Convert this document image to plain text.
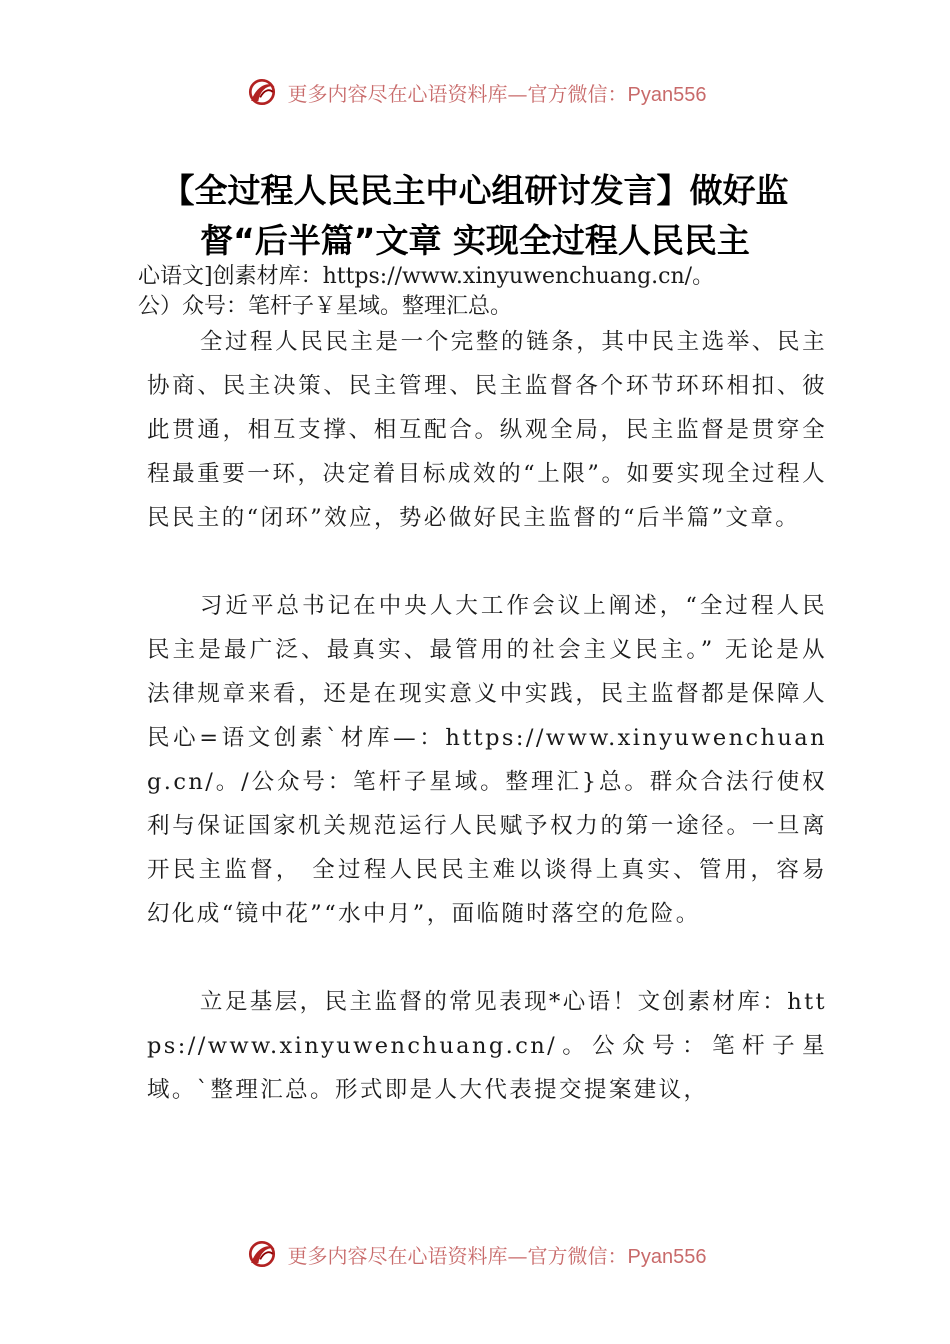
更多内容尽在心语资料库—官方微信：Pyan556
【全过程人民民主中心组研讨发言】做好监督“后半篇”文章 实现全过程人民民主
心语文]创素材库：https://www.xinyuwenchuang.cn/。
公）众号：笔杆子￥星域。整理汇总。

全过程人民民主是一个完整的链条，其中民主选举、民主协商、民主决策、民主管理、民主监督各个环节环环相扣、彼此贯通，相互支撑、相互配合。纵观全局，民主监督是贯穿全程最重要一环，决定着目标成效的“上限”。如要实现全过程人民民主的“闭环”效应，势必做好民主监督的“后半篇”文章。

习近平总书记在中央人大工作会议上阐述，“全过程人民民主是最广泛、最真实、最管用的社会主义民主。” 无论是从法律规章来看，还是在现实意义中实践，民主监督都是保障人民心=语文创素`材库—：https://www.xinyuwenchuang.cn/。/公众号：笔杆子星域。整理汇}总。群众合法行使权利与保证国家机关规范运行人民赋予权力的第一途径。一旦离开民主监督， 全过程人民民主难以谈得上真实、管用，容易幻化成“镜中花”“水中月”，面临随时落空的危险。

立足基层，民主监督的常见表现*心语！文创素材库：https://www.xinyuwenchuang.cn/。公众号：笔杆子星域。`整理汇总。形式即是人大代表提交提案建议，

更多内容尽在心语资料库—官方微信：Pyan556
